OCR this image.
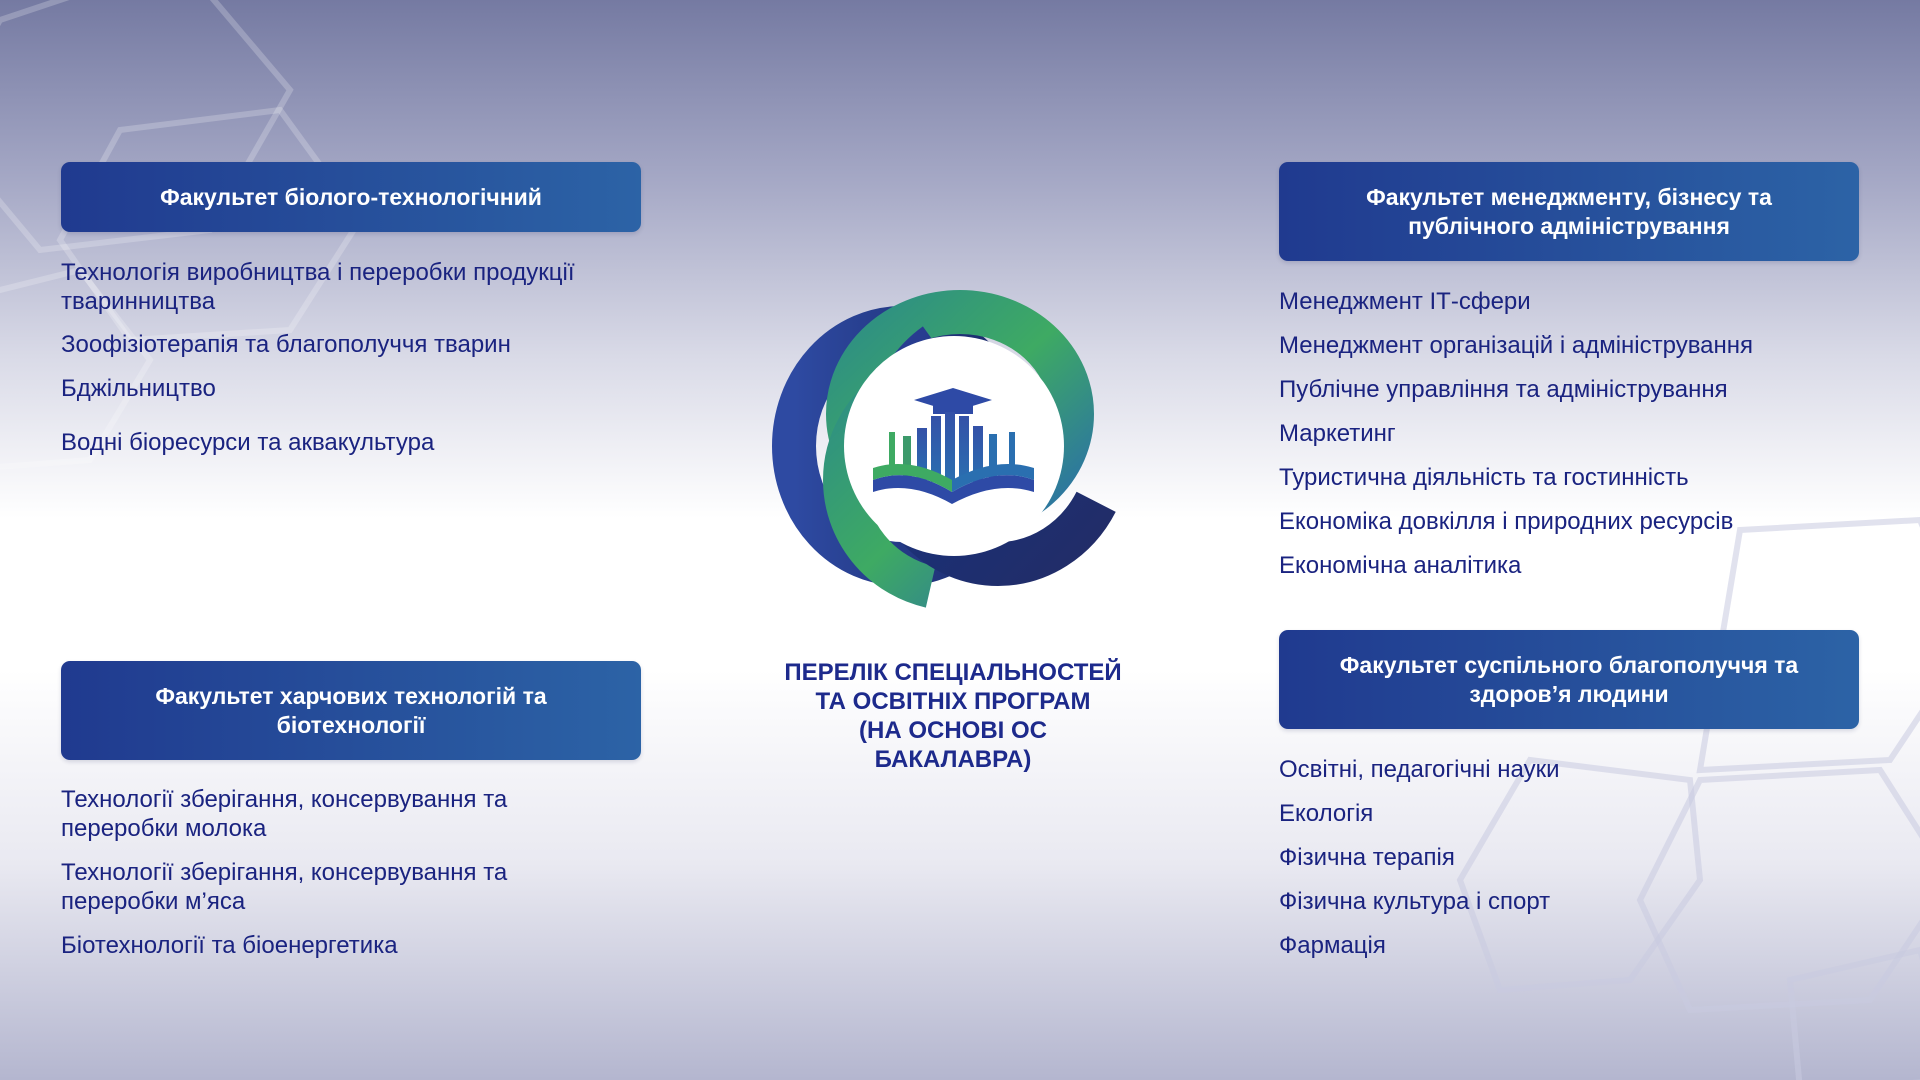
Факультет біолого-технологічний
Технологія виробництва і переробки продукції тваринництва
Зоофізіотерапія та благополуччя тварин
Бджільництво
Водні біоресурси та аквакультура
Факультет харчових технологій та біотехнології
Технології зберігання, консервування та переробки молока
Технології зберігання, консервування та переробки м’яса
Біотехнології та біоенергетика
Факультет менеджменту, бізнесу та публічного адміністрування
Менеджмент ІТ-сфери
Менеджмент організацій і адміністрування
Публічне управління та адміністрування
Маркетинг
Туристична діяльність та гостинність
Економіка довкілля і природних ресурсів
Економічна аналітика
Факультет суспільного благополуччя та здоров’я людини
Освітні, педагогічні науки
Екологія
Фізична терапія
Фізична культура і спорт
Фармація
ПЕРЕЛІК СПЕЦІАЛЬНОСТЕЙ
ТА ОСВІТНІХ ПРОГРАМ
(НА ОСНОВІ ОС
БАКАЛАВРА)
